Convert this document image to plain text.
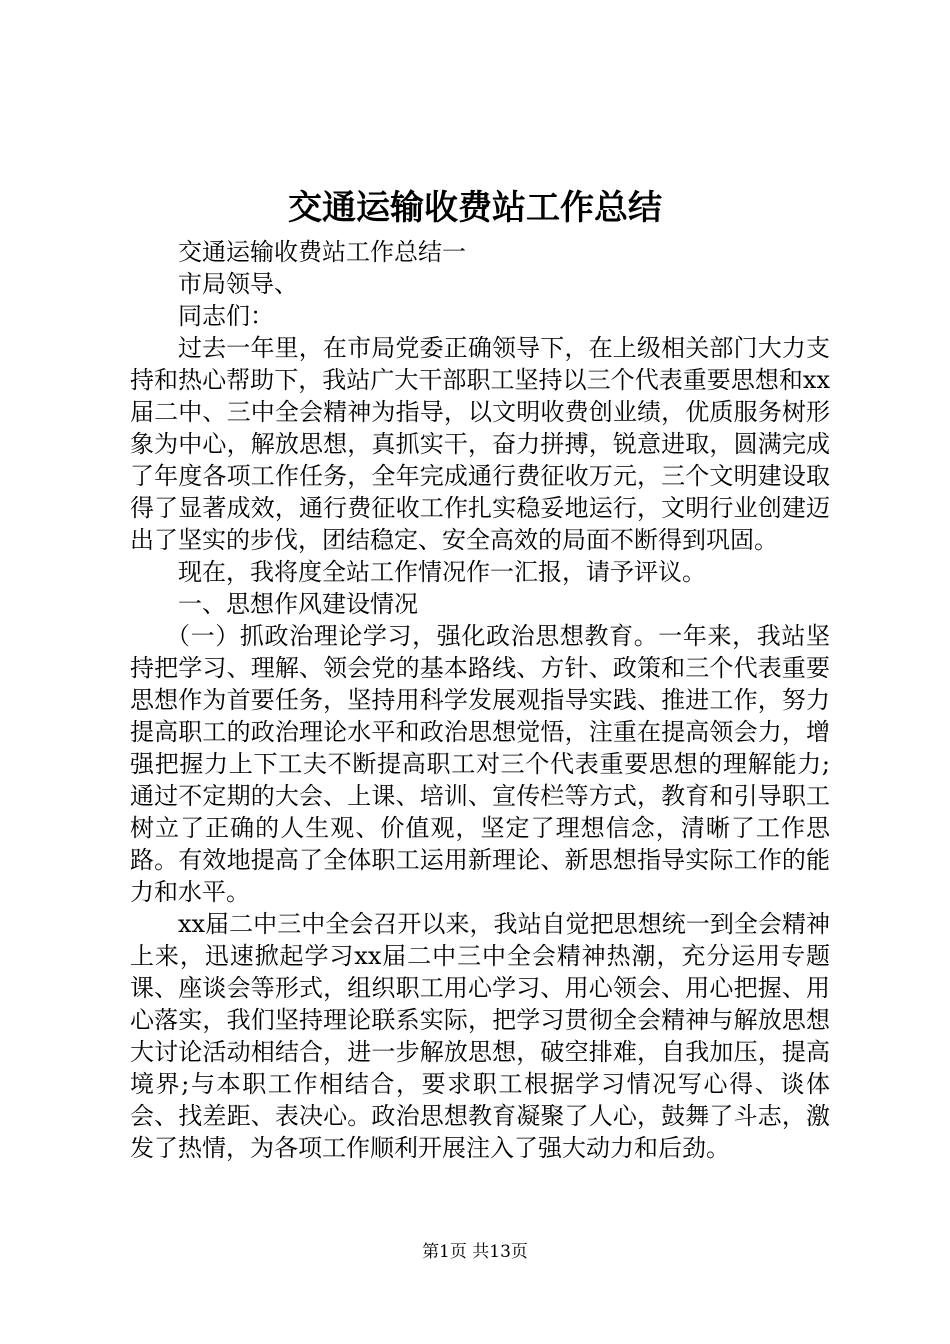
交通运输收费站工作总结

交通运输收费站工作总结一

市局领导、

同志们：

过去一年里，在市局党委正确领导下，在上级相关部门大力支持和热心帮助下，我站广大干部职工坚持以三个代表重要思想和xx届二中、三中全会精神为指导，以文明收费创业绩，优质服务树形象为中心，解放思想，真抓实干，奋力拼搏，锐意进取，圆满完成了年度各项工作任务，全年完成通行费征收万元，三个文明建设取得了显著成效，通行费征收工作扎实稳妥地运行，文明行业创建迈出了坚实的步伐，团结稳定、安全高效的局面不断得到巩固。

现在，我将度全站工作情况作一汇报，请予评议。

一、思想作风建设情况

（一）抓政治理论学习，强化政治思想教育。一年来，我站坚持把学习、理解、领会党的基本路线、方针、政策和三个代表重要思想作为首要任务，坚持用科学发展观指导实践、推进工作，努力提高职工的政治理论水平和政治思想觉悟，注重在提高领会力，增强把握力上下工夫不断提高职工对三个代表重要思想的理解能力;通过不定期的大会、上课、培训、宣传栏等方式，教育和引导职工树立了正确的人生观、价值观，坚定了理想信念，清晰了工作思路。有效地提高了全体职工运用新理论、新思想指导实际工作的能力和水平。

xx届二中三中全会召开以来，我站自觉把思想统一到全会精神上来，迅速掀起学习xx届二中三中全会精神热潮，充分运用专题课、座谈会等形式，组织职工用心学习、用心领会、用心把握、用心落实，我们坚持理论联系实际，把学习贯彻全会精神与解放思想大讨论活动相结合，进一步解放思想，破空排难，自我加压，提高境界;与本职工作相结合，要求职工根据学习情况写心得、谈体会、找差距、表决心。政治思想教育凝聚了人心，鼓舞了斗志，激发了热情，为各项工作顺利开展注入了强大动力和后劲。

第1页 共13页
